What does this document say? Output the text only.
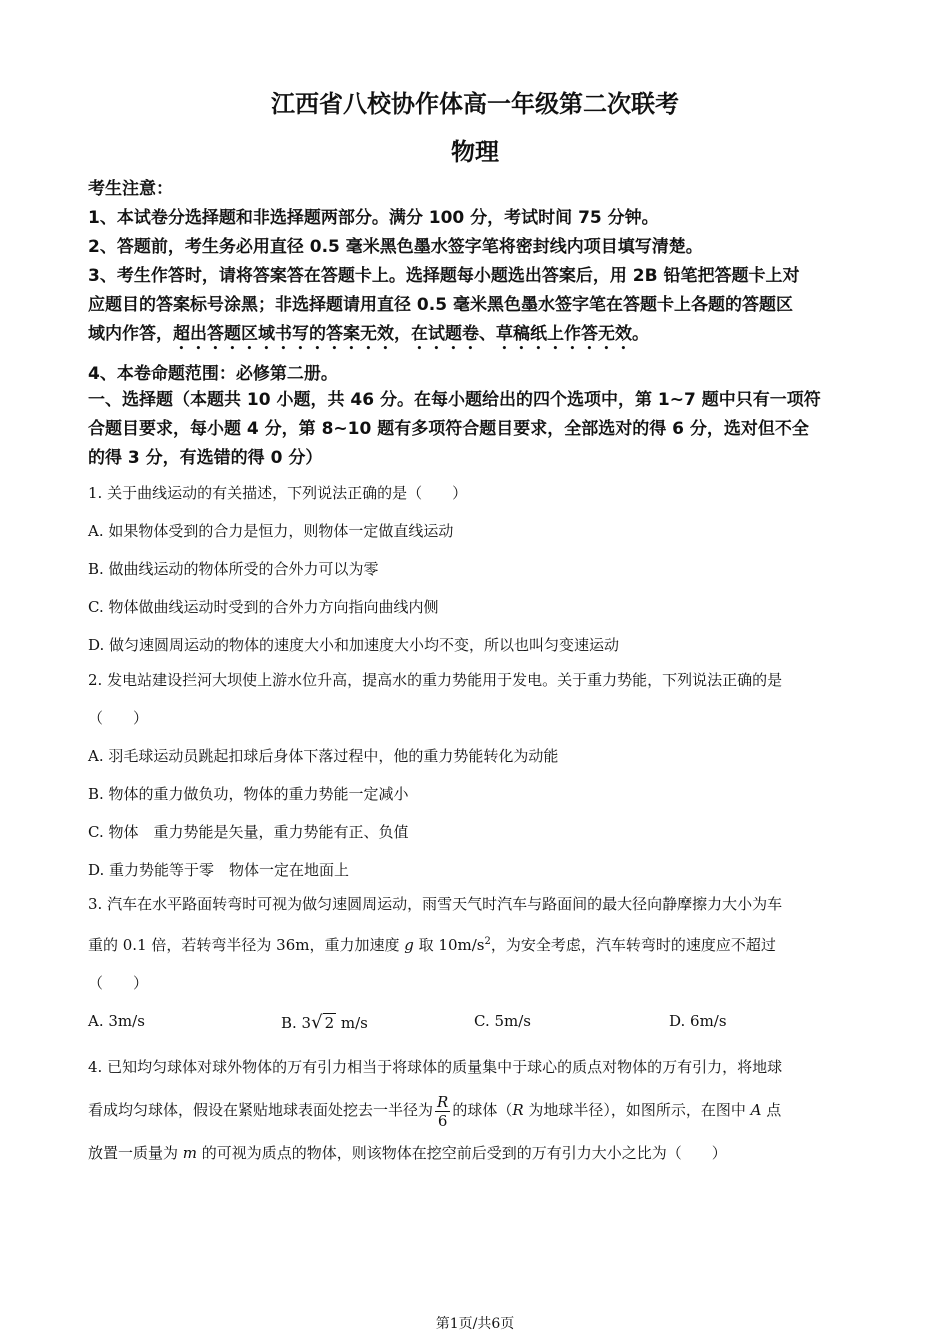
江西省八校协作体高一年级第二次联考
物理
考生注意：
1、本试卷分选择题和非选择题两部分。满分 100 分，考试时间 75 分钟。
2、答题前，考生务必用直径 0.5 毫米黑色墨水签字笔将密封线内项目填写清楚。
3、考生作答时，请将答案答在答题卡上。选择题每小题选出答案后，用 2B 铅笔把答题卡上对
应题目的答案标号涂黑；非选择题请用直径 0.5 毫米黑色墨水签字笔在答题卡上各题的答题区
域内作答，超出答题区域书写的答案无效，在试题卷、草稿纸上作答无效。
4、本卷命题范围：必修第二册。
一、选择题（本题共 10 小题，共 46 分。在每小题给出的四个选项中，第 1~7 题中只有一项符
合题目要求，每小题 4 分，第 8~10 题有多项符合题目要求，全部选对的得 6 分，选对但不全
的得 3 分，有选错的得 0 分）
1. 关于曲线运动的有关描述，下列说法正确的是（　　）
A. 如果物体受到的合力是恒力，则物体一定做直线运动
B. 做曲线运动的物体所受的合外力可以为零
C. 物体做曲线运动时受到的合外力方向指向曲线内侧
D. 做匀速圆周运动的物体的速度大小和加速度大小均不变，所以也叫匀变速运动
2. 发电站建设拦河大坝使上游水位升高，提高水的重力势能用于发电。关于重力势能，下列说法正确的是
（　　）
A. 羽毛球运动员跳起扣球后身体下落过程中，他的重力势能转化为动能
B. 物体的重力做负功，物体的重力势能一定减小
C. 物体　重力势能是矢量，重力势能有正、负值
D. 重力势能等于零　物体一定在地面上
3. 汽车在水平路面转弯时可视为做匀速圆周运动，雨雪天气时汽车与路面间的最大径向静摩擦力大小为车
重的 0.1 倍，若转弯半径为 36m，重力加速度 g 取 $10m/s^2$，为安全考虑，汽车转弯时的速度应不超过
（　　）
A. 3m/s	B. 3√ 2 m/s	C. 5m/s	D. 6m/s
4. 已知均匀球体对球外物体的万有引力相当于将球体的质量集中于球心的质点对物体的万有引力，将地球
看成均匀球体，假设在紧贴地球表面处挖去一半径为 $\frac{R}{6}$ 的球体（R 为地球半径），如图所示，在图中 A 点
放置一质量为 m 的可视为质点的物体，则该物体在挖空前后受到的万有引力大小之比为（　　）
第1页/共6页
